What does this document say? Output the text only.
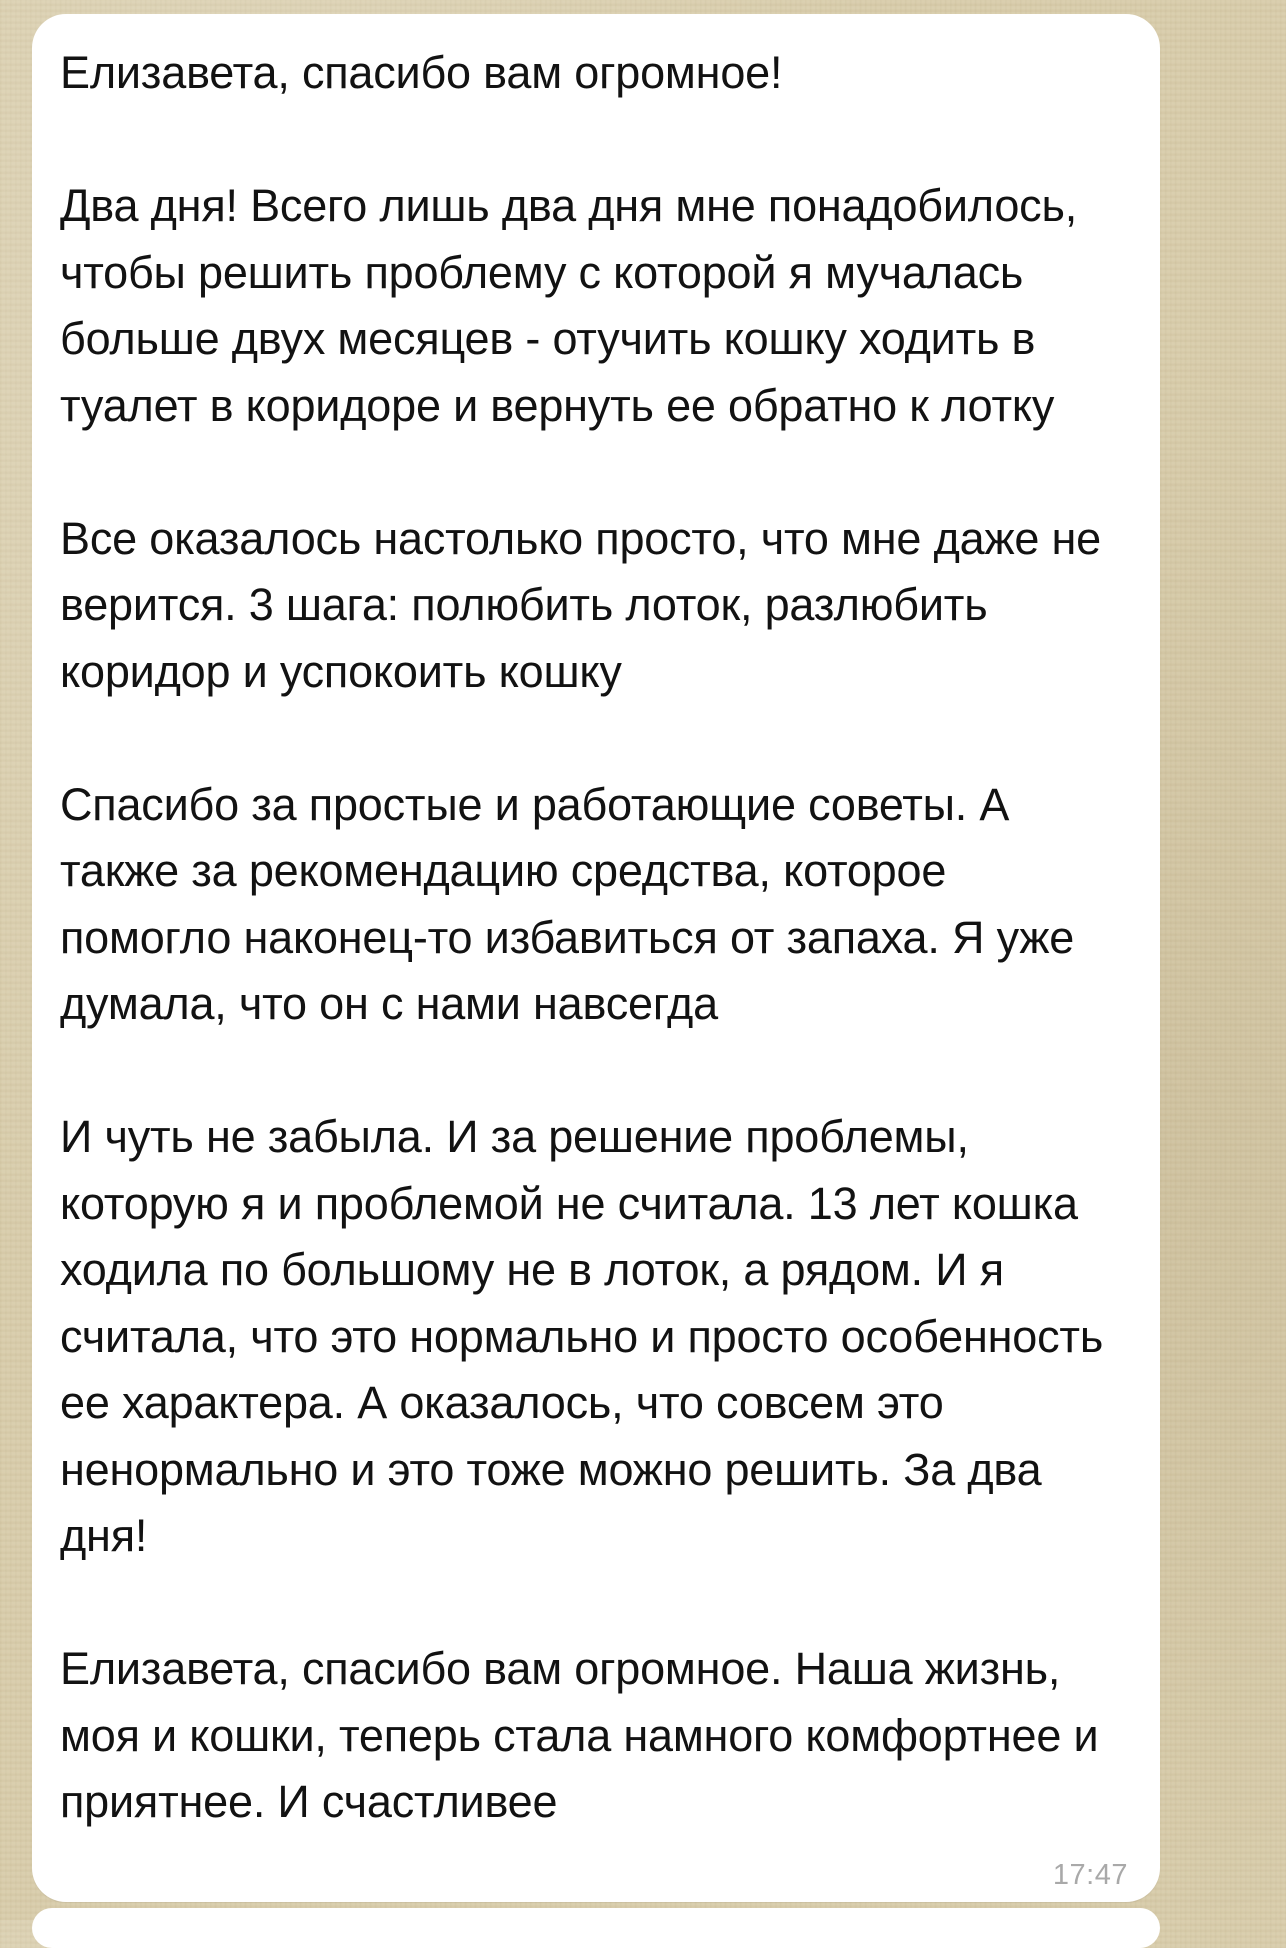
Елизавета, спасибо вам огромное!
Два дня! Всего лишь два дня мне понадобилось, чтобы решить проблему с которой я мучалась больше двух месяцев - отучить кошку ходить в туалет в коридоре и вернуть ее обратно к лотку
Все оказалось настолько просто, что мне даже не верится. 3 шага: полюбить лоток, разлюбить коридор и успокоить кошку
Спасибо за простые и работающие советы. А также за рекомендацию средства, которое помогло наконец-то избавиться от запаха. Я уже думала, что он с нами навсегда
И чуть не забыла. И за решение проблемы, которую я и проблемой не считала. 13 лет кошка ходила по большому не в лоток, а рядом. И я считала, что это нормально и просто особенность ее характера. А оказалось, что совсем это ненормально и это тоже можно решить. За два дня!
Елизавета, спасибо вам огромное. Наша жизнь, моя и кошки, теперь стала намного комфортнее и приятнее. И счастливее
17:47
